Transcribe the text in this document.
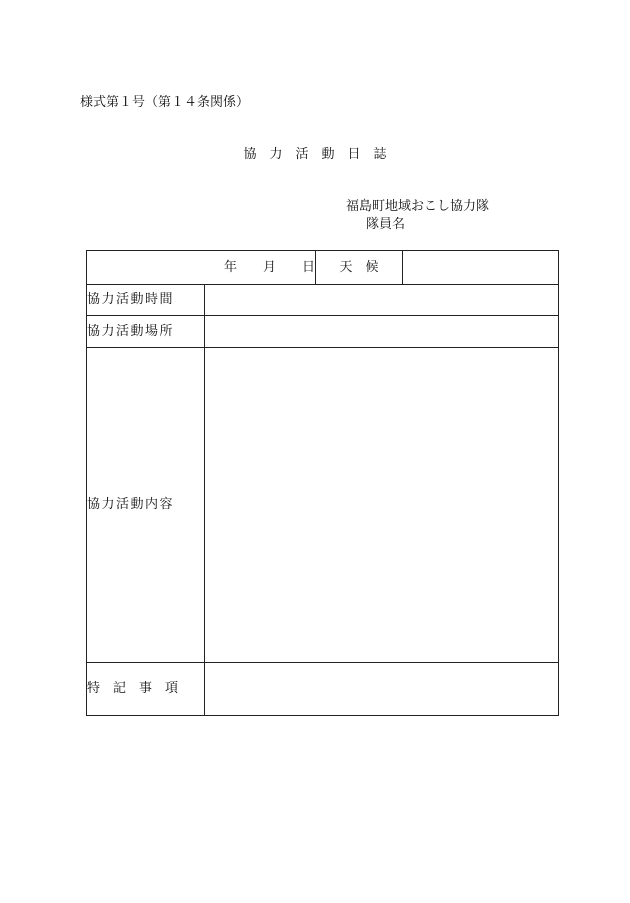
様式第１号（第１４条関係）
協　力　活　動　日　誌
福島町地域おこし協力隊
隊員名
年　　月　　日		天　候	
協力活動時間			
協力活動場所			
協力活動内容			
特　記　事　項			
